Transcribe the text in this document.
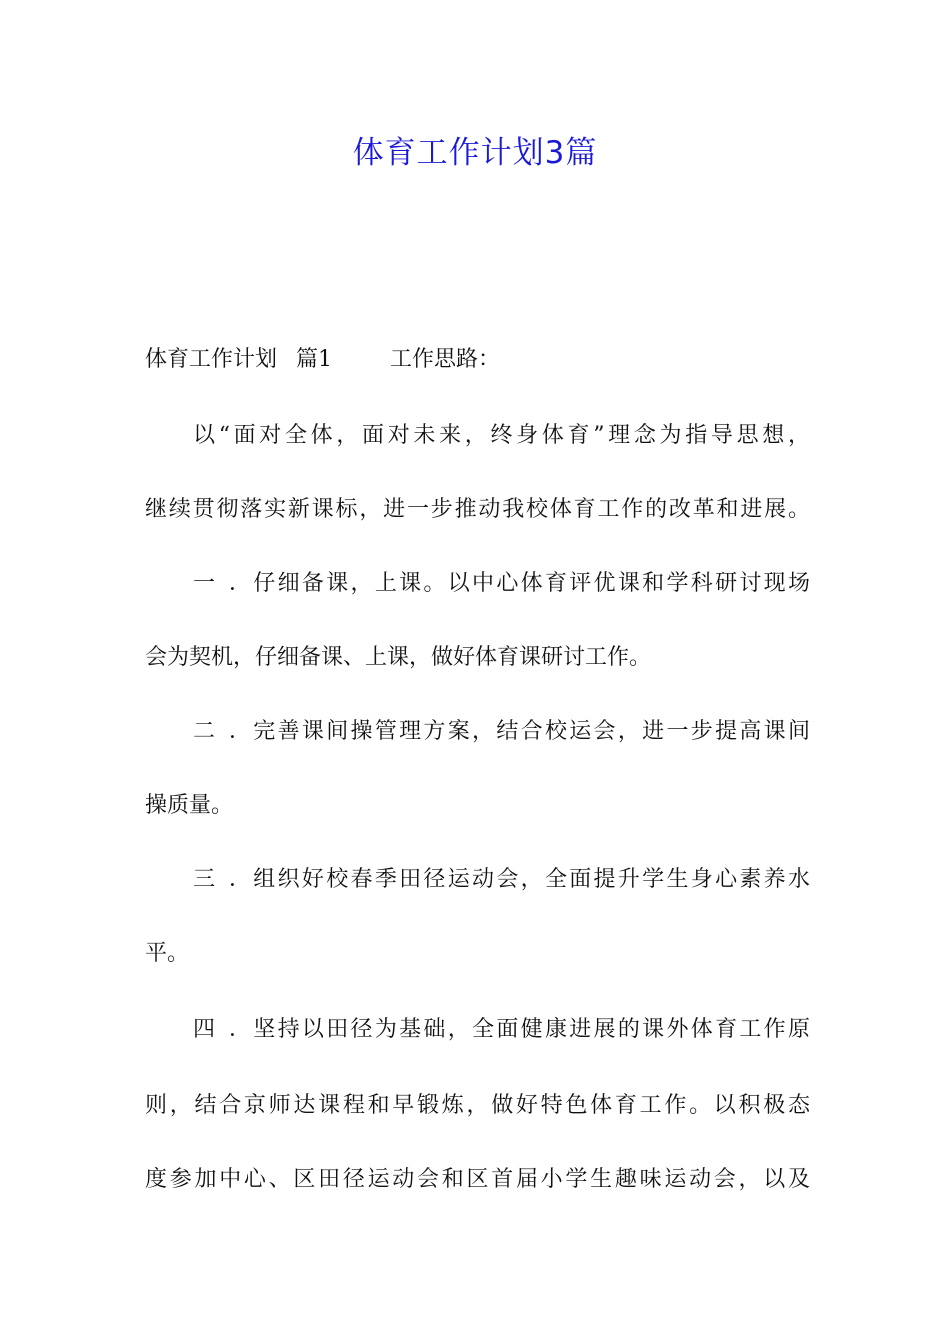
体育工作计划3篇

体育工作计划 篇1	工作思路：

以“面对全体，面对未来，终身体育”理念为指导思想，

继续贯彻落实新课标，进一步推动我校体育工作的改革和进展。

一．仔细备课，上课。以中心体育评优课和学科研讨现场

会为契机，仔细备课、上课，做好体育课研讨工作。

二．完善课间操管理方案，结合校运会，进一步提高课间

操质量。

三．组织好校春季田径运动会，全面提升学生身心素养水

平。

四．坚持以田径为基础，全面健康进展的课外体育工作原

则，结合京师达课程和早锻炼，做好特色体育工作。以积极态

度参加中心、区田径运动会和区首届小学生趣味运动会，以及
